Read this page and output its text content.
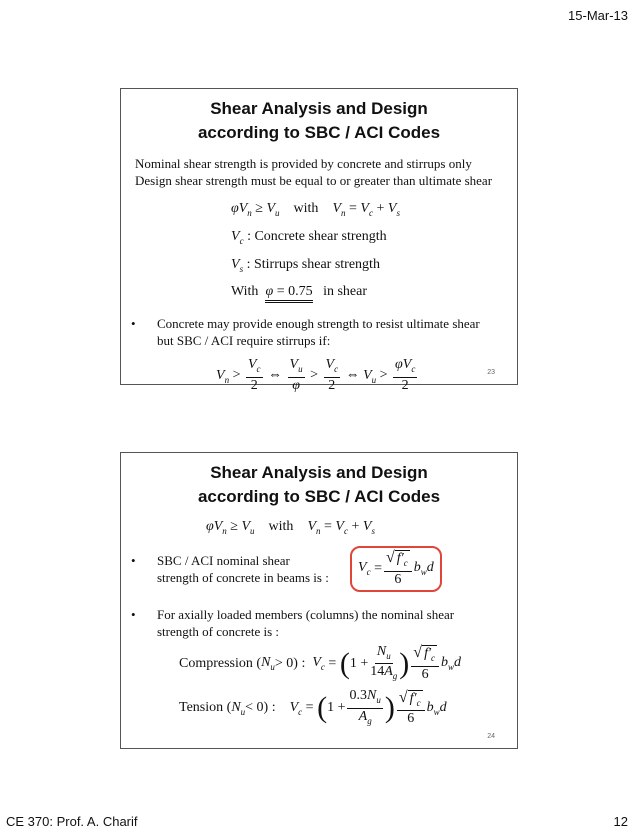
15-Mar-13
Shear Analysis and Design
according to SBC / ACI Codes
Nominal shear strength is provided by concrete and stirrups only
Design shear strength must be equal to or greater than ultimate shear
$\varphi V_n \ge V_u$ with $V_n = V_c + V_s$
$V_c$ : Concrete shear strength
$V_s$ : Stirrups shear strength
With φ = 0.75 in shear
• Concrete may provide enough strength to resist ultimate shear
but SBC / ACI require stirrups if:
$V_n > \frac{V_c}{2}$ ⇔ $\frac{V_u}{\varphi} > \frac{V_c}{2}$ ⇔ $V_u > \frac{\varphi V_c}{2}$	23
Shear Analysis and Design
according to SBC / ACI Codes
$\varphi V_n \ge V_u$ with $V_n = V_c + V_s$
• SBC / ACI nominal shear
strength of concrete in beams is :
$V_c = \frac{√ f'_c}{6} b_wd$
• For axially loaded members (columns) the nominal shear
strength of concrete is :
Compression ( $N_u > 0$) : $V_c$ = ( $1 + \frac{N_u}{14A_g}$ ) $\frac{√ f'_c}{6} b_wd$
Tension ( $N_u < 0$) : $V_c$ = ( $1 + \frac{0.3N_u}{A_g}$ ) $\frac{√ f'_c}{6} b_wd$
24
CE 370: Prof. A. Charif	12
